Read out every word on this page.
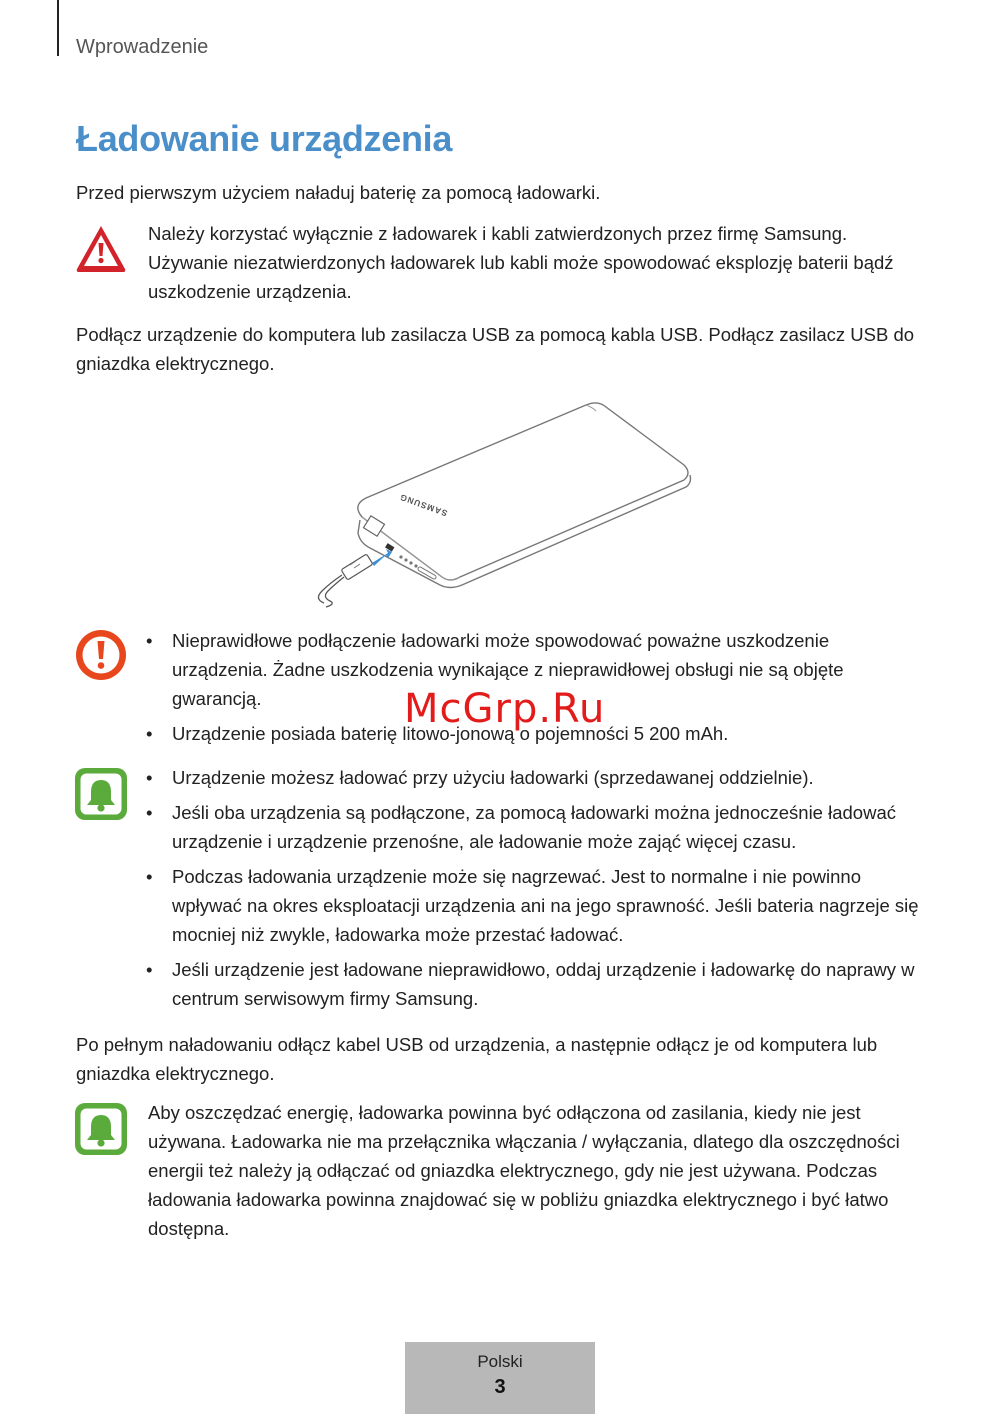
Wprowadzenie
Ładowanie urządzenia

Przed pierwszym użyciem naładuj baterię za pomocą ładowarki.

Należy korzystać wyłącznie z ładowarek i kabli zatwierdzonych przez firmę Samsung. Używanie niezatwierdzonych ładowarek lub kabli może spowodować eksplozję baterii bądź uszkodzenie urządzenia.

Podłącz urządzenie do komputera lub zasilacza USB za pomocą kabla USB. Podłącz zasilacz USB do gniazdka elektrycznego.

SAMSUNG
• Nieprawidłowe podłączenie ładowarki może spowodować poważne uszkodzenie urządzenia. Żadne uszkodzenia wynikające z nieprawidłowej obsługi nie są objęte gwarancją.
• Urządzenie posiada baterię litowo-jonową o pojemności 5 200 mAh.
McGrp.Ru
• Urządzenie możesz ładować przy użyciu ładowarki (sprzedawanej oddzielnie).
• Jeśli oba urządzenia są podłączone, za pomocą ładowarki można jednocześnie ładować urządzenie i urządzenie przenośne, ale ładowanie może zająć więcej czasu.
• Podczas ładowania urządzenie może się nagrzewać. Jest to normalne i nie powinno wpływać na okres eksploatacji urządzenia ani na jego sprawność. Jeśli bateria nagrzeje się mocniej niż zwykle, ładowarka może przestać ładować.
• Jeśli urządzenie jest ładowane nieprawidłowo, oddaj urządzenie i ładowarkę do naprawy w centrum serwisowym firmy Samsung.

Po pełnym naładowaniu odłącz kabel USB od urządzenia, a następnie odłącz je od komputera lub gniazdka elektrycznego.

Aby oszczędzać energię, ładowarka powinna być odłączona od zasilania, kiedy nie jest używana. Ładowarka nie ma przełącznika włączania / wyłączania, dlatego dla oszczędności energii też należy ją odłączać od gniazdka elektrycznego, gdy nie jest używana. Podczas ładowania ładowarka powinna znajdować się w pobliżu gniazdka elektrycznego i być łatwo dostępna.

Polski
3
